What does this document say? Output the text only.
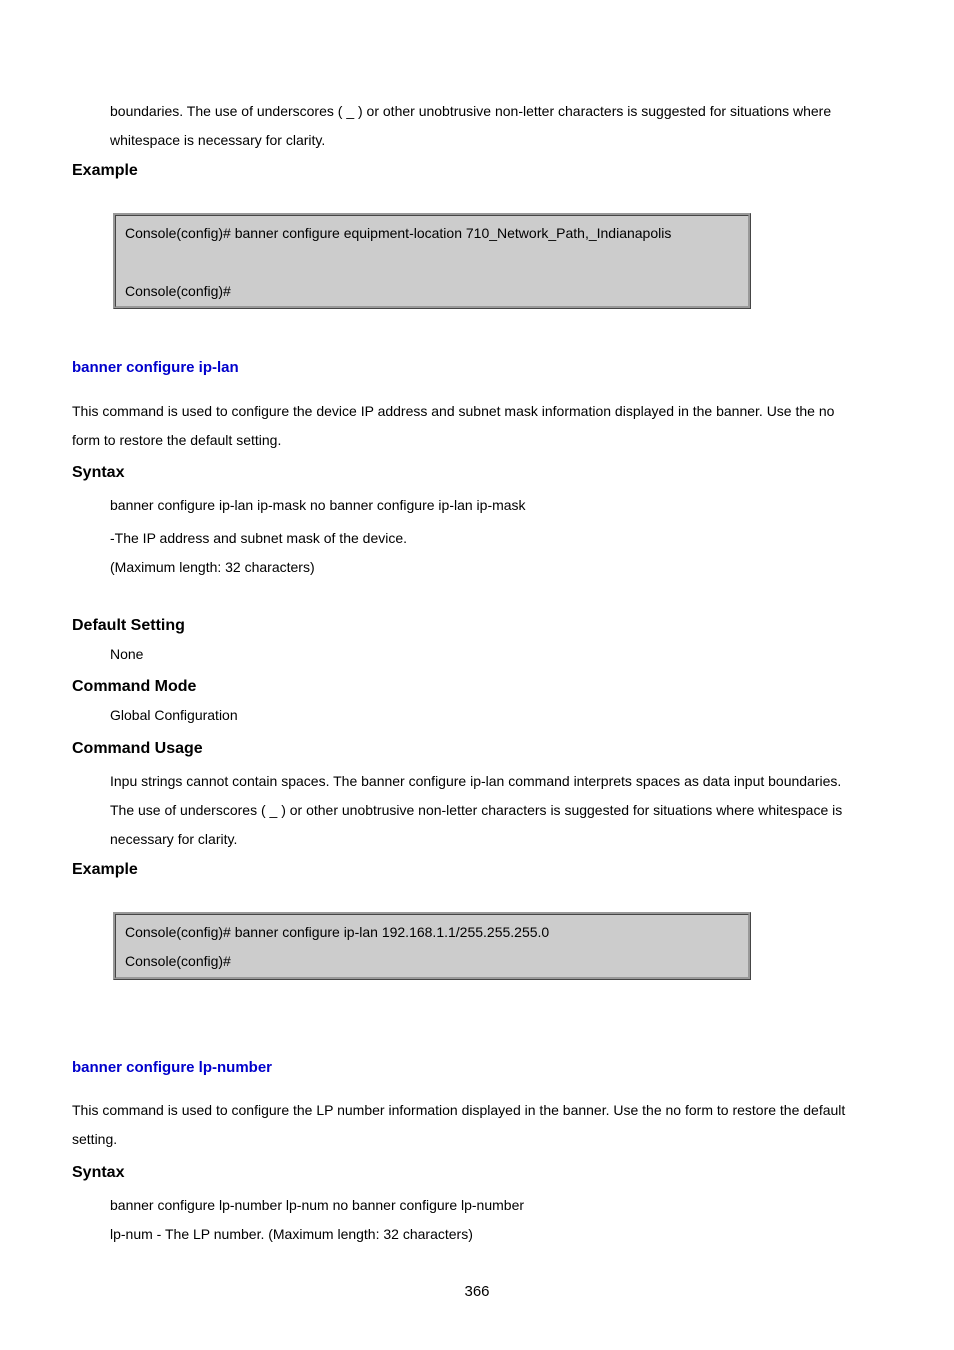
boundaries. The use of underscores ( _ ) or other unobtrusive non-letter characters is suggested for situations where
whitespace is necessary for clarity.
Example
Console(config)# banner configure equipment-location 710_Network_Path,_Indianapolis
Console(config)#
banner configure ip-lan
This command is used to configure the device IP address and subnet mask information displayed in the banner. Use the no
form to restore the default setting.
Syntax
banner configure ip-lan ip-mask no banner configure ip-lan ip-mask
-The IP address and subnet mask of the device.
(Maximum length: 32 characters)
Default Setting
None
Command Mode
Global Configuration
Command Usage
Inpu strings cannot contain spaces. The banner configure ip-lan command interprets spaces as data input boundaries.
The use of underscores ( _ ) or other unobtrusive non-letter characters is suggested for situations where whitespace is
necessary for clarity.
Example
Console(config)# banner configure ip-lan 192.168.1.1/255.255.255.0
Console(config)#
banner configure lp-number
This command is used to configure the LP number information displayed in the banner. Use the no form to restore the default
setting.
Syntax
banner configure lp-number lp-num no banner configure lp-number
lp-num - The LP number. (Maximum length: 32 characters)
366
